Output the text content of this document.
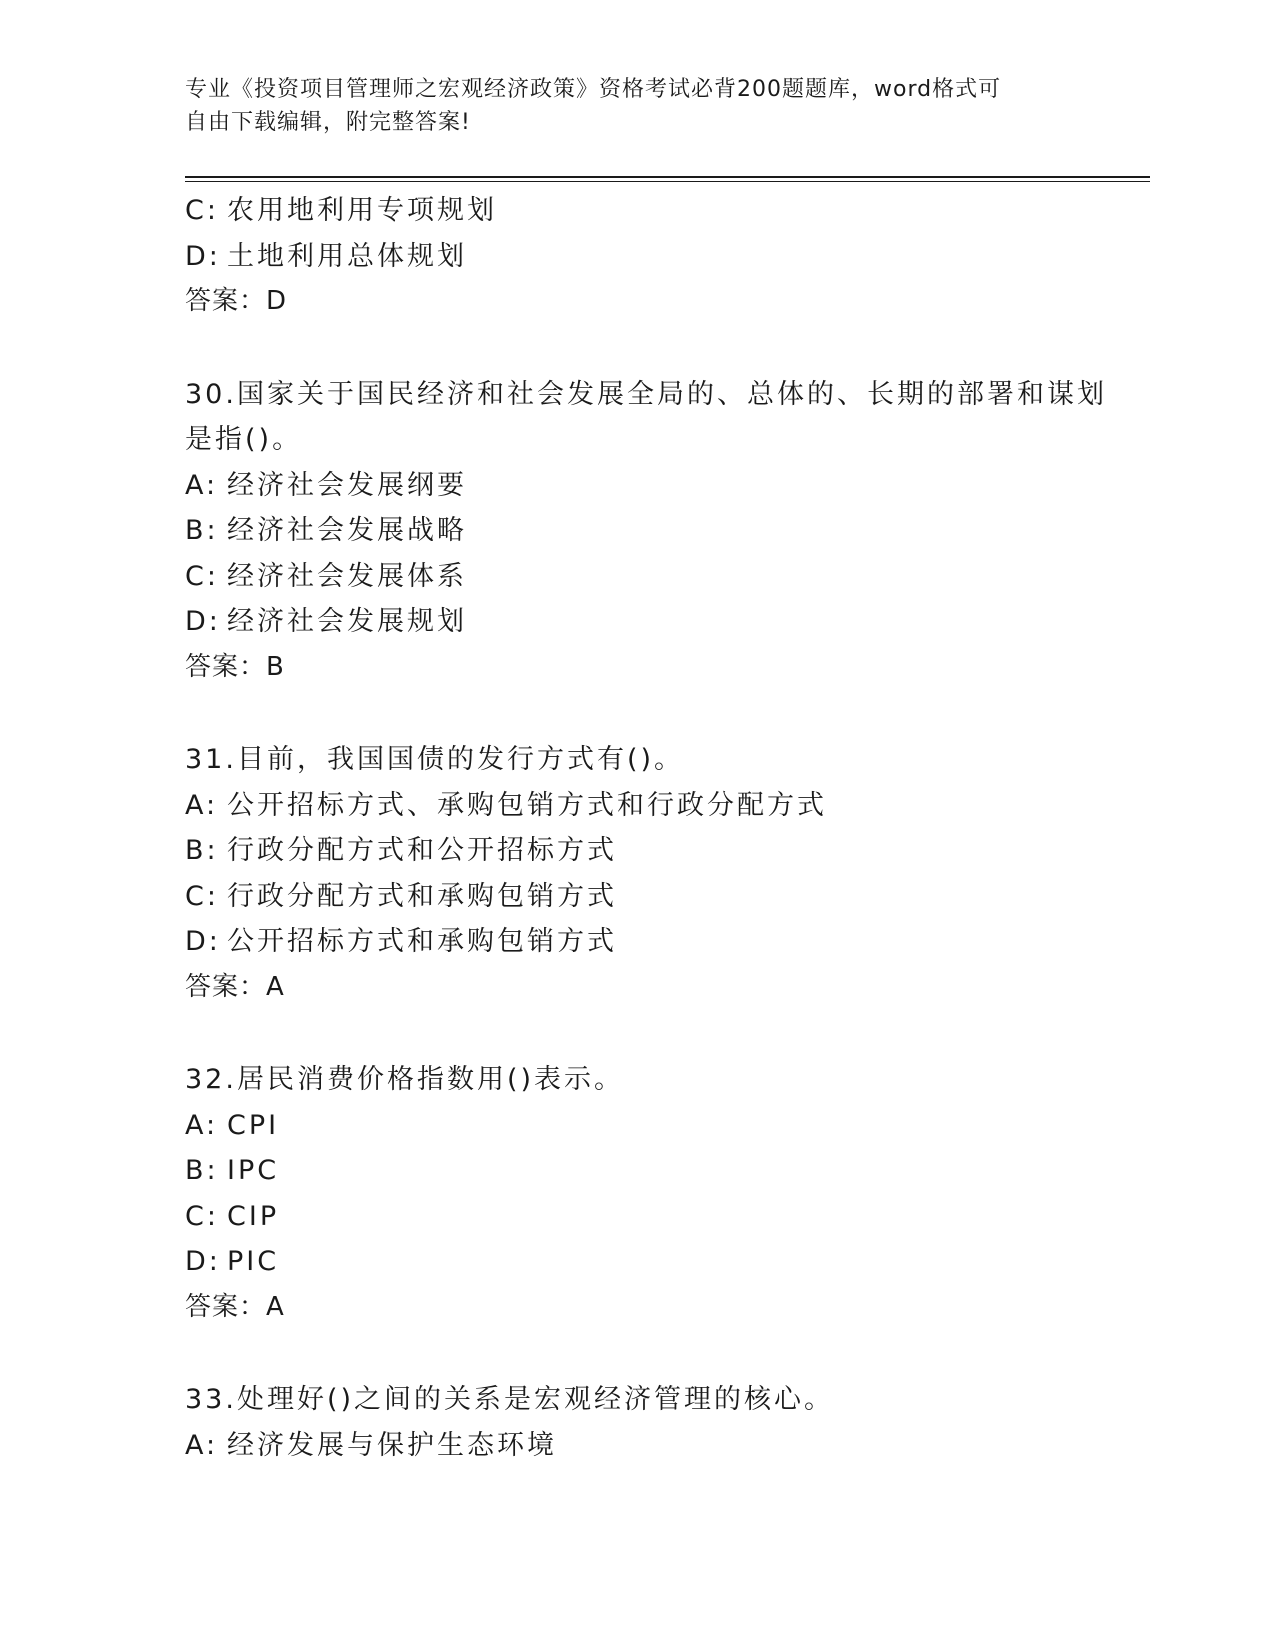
专业《投资项目管理师之宏观经济政策》资格考试必背200题题库，word格式可
自由下载编辑，附完整答案!
C: 农用地利用专项规划
D: 土地利用总体规划
答案：D
30.国家关于国民经济和社会发展全局的、总体的、长期的部署和谋划
是指()。
A: 经济社会发展纲要
B: 经济社会发展战略
C: 经济社会发展体系
D: 经济社会发展规划
答案：B
31.目前，我国国债的发行方式有()。
A: 公开招标方式、承购包销方式和行政分配方式
B: 行政分配方式和公开招标方式
C: 行政分配方式和承购包销方式
D: 公开招标方式和承购包销方式
答案：A
32.居民消费价格指数用()表示。
A: CPI
B: IPC
C: CIP
D: PIC
答案：A
33.处理好()之间的关系是宏观经济管理的核心。
A: 经济发展与保护生态环境
